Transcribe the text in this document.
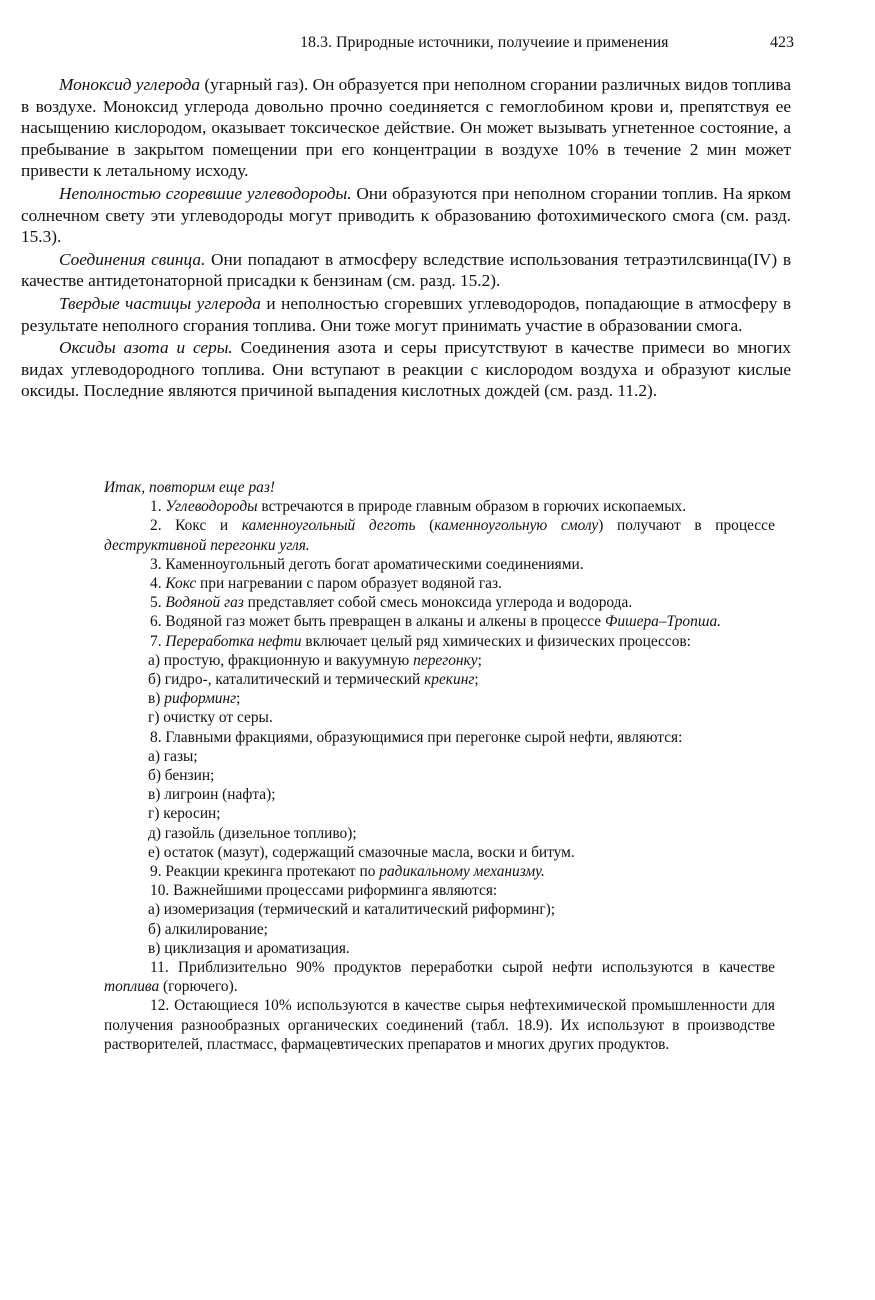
18.3. Природные источники, получеиие и применения	423

Моноксид углерода (угарный газ). Он образуется при неполном сгорании различных видов топлива в воздухе. Моноксид углерода довольно прочно соединяется с гемоглобином крови и, препятствуя ее насыщению кислородом, оказывает токсическое действие. Он может вызывать угнетенное состояние, а пребывание в закрытом помещении при его концентрации в воздухе 10% в течение 2 мин может привести к летальному исходу.

Неполностью сгоревшие углеводороды. Они образуются при неполном сгорании топлив. На ярком солнечном свету эти углеводороды могут приводить к образованию фотохимического смога (см. разд. 15.3).

Соединения свинца. Они попадают в атмосферу вследствие использования тетраэтилсвинца(IV) в качестве антидетонаторной присадки к бензинам (см. разд. 15.2).

Твердые частицы углерода и неполностью сгоревших углеводородов, попадающие в атмосферу в результате неполного сгорания топлива. Они тоже могут принимать участие в образовании смога.

Оксиды азота и серы. Соединения азота и серы присутствуют в качестве примеси во многих видах углеводородного топлива. Они вступают в реакции с кислородом воздуха и образуют кислые оксиды. Последние являются причиной выпадения кислотных дождей (см. разд. 11.2).

Итак, повторим еще раз!

1. Углеводороды встречаются в природе главным образом в горючих ископаемых.

2. Кокс и каменноугольный деготь (каменноугольную смолу) получают в процессе деструктивной перегонки угля.

3. Каменноугольный деготь богат ароматическими соединениями.

4. Кокс при нагревании с паром образует водяной газ.

5. Водяной газ представляет собой смесь моноксида углерода и водорода.

6. Водяной газ может быть превращен в алканы и алкены в процессе Фишера–Тропша.

7. Переработка нефти включает целый ряд химических и физических процессов:

а) простую, фракционную и вакуумную перегонку;

б) гидро-, каталитический и термический крекинг;

в) риформинг;

г) очистку от серы.

8. Главными фракциями, образующимися при перегонке сырой нефти, являются:

а) газы;

б) бензин;

в) лигроин (нафта);

г) керосин;

д) газойль (дизельное топливо);

е) остаток (мазут), содержащий смазочные масла, воски и битум.

9. Реакции крекинга протекают по радикальному механизму.

10. Важнейшими процессами риформинга являются:

а) изомеризация (термический и каталитический риформинг);

б) алкилирование;

в) циклизация и ароматизация.

11. Приблизительно 90% продуктов переработки сырой нефти используются в качестве топлива (горючего).

12. Остающиеся 10% используются в качестве сырья нефтехимической промышленности для получения разнообразных органических соединений (табл. 18.9). Их используют в производстве растворителей, пластмасс, фармацевтических препаратов и многих других продуктов.
